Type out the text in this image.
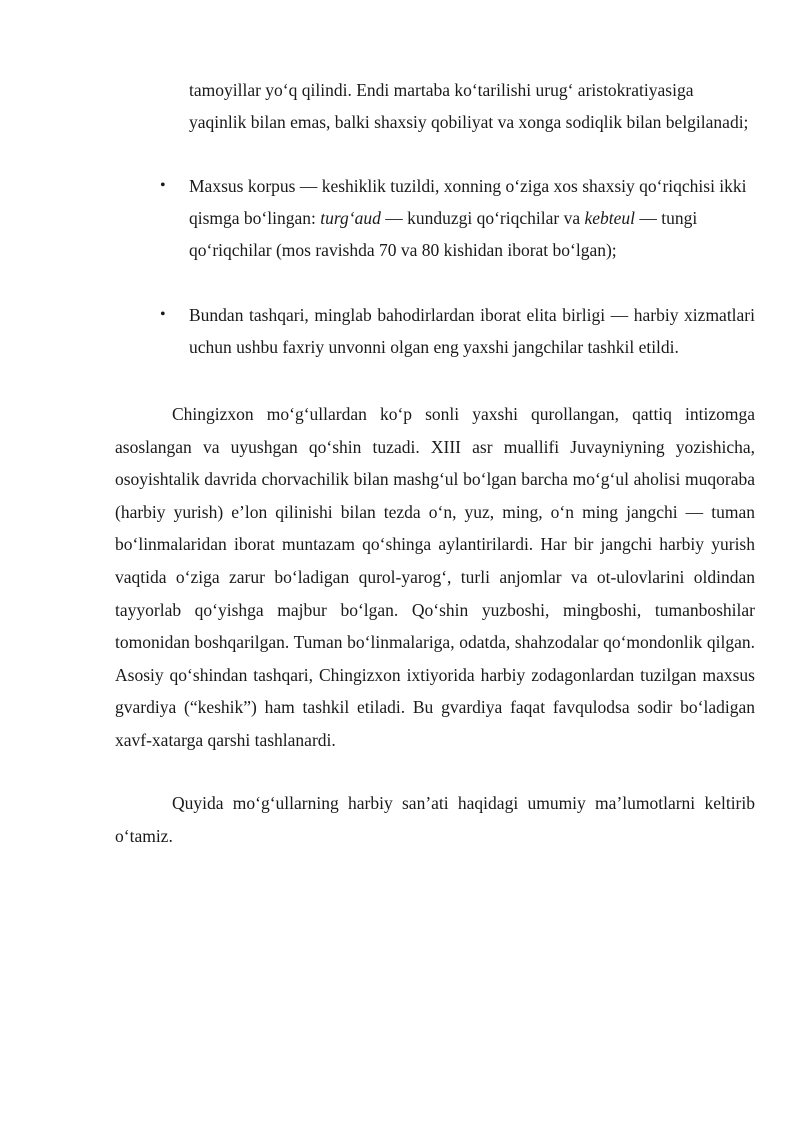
tamoyillar yo‘q qilindi. Endi martaba ko‘tarilishi urug‘ aristokratiyasiga yaqinlik bilan emas, balki shaxsiy qobiliyat va xonga sodiqlik bilan belgilanadi;
•	Maxsus korpus — keshiklik tuzildi, xonning o‘ziga xos shaxsiy qo‘riqchisi ikki qismga bo‘lingan: turg‘aud — kunduzgi qo‘riqchilar va kebteul — tungi qo‘riqchilar (mos ravishda 70 va 80 kishidan iborat bo‘lgan);
•	Bundan tashqari, minglab bahodirlardan iborat elita birligi — harbiy xizmatlari uchun ushbu faxriy unvonni olgan eng yaxshi jangchilar tashkil etildi.

Chingizxon mo‘g‘ullardan ko‘p sonli yaxshi qurollangan, qattiq intizomga asoslangan va uyushgan qo‘shin tuzadi. XIII asr muallifi Juvayniyning yozishicha, osoyishtalik davrida chorvachilik bilan mashg‘ul bo‘lgan barcha mo‘g‘ul aholisi muqoraba (harbiy yurish) e’lon qilinishi bilan tezda o‘n, yuz, ming, o‘n ming jangchi — tuman bo‘linmalaridan iborat muntazam qo‘shinga aylantirilardi. Har bir jangchi harbiy yurish vaqtida o‘ziga zarur bo‘ladigan qurol-yarog‘, turli anjomlar va ot-ulovlarini oldindan tayyorlab qo‘yishga majbur bo‘lgan. Qo‘shin yuzboshi, mingboshi, tumanboshilar tomonidan boshqarilgan. Tuman bo‘linmalariga, odatda, shahzodalar qo‘mondonlik qilgan. Asosiy qo‘shindan tashqari, Chingizxon ixtiyorida harbiy zodagonlardan tuzilgan maxsus gvardiya (“keshik”) ham tashkil etiladi. Bu gvardiya faqat favqulodsa sodir bo‘ladigan xavf-xatarga qarshi tashlanardi.

Quyida mo‘g‘ullarning harbiy san’ati haqidagi umumiy ma’lumotlarni keltirib o‘tamiz.
